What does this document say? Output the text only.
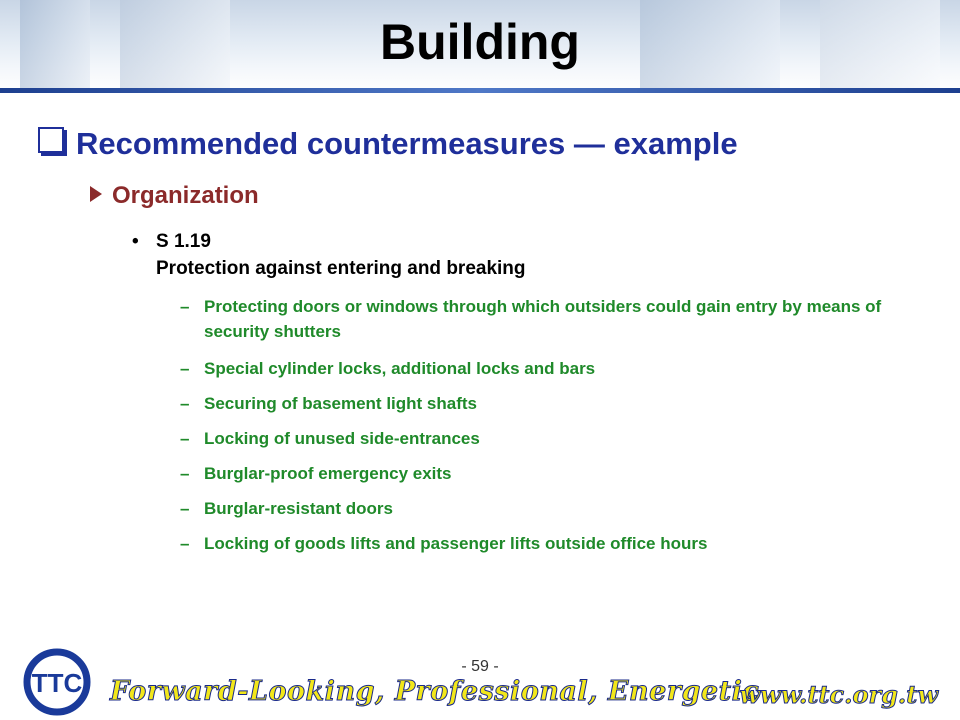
Building
Recommended countermeasures — example
Organization
• S 1.19
Protection against entering and breaking
– Protecting doors or windows through which outsiders could gain entry by means of security shutters
– Special cylinder locks, additional locks and bars
– Securing of basement light shafts
– Locking of unused side-entrances
– Burglar-proof emergency exits
– Burglar-resistant doors
– Locking of goods lifts and passenger lifts outside office hours
TTC
- 59 -
Forward-Looking, Professional, Energetic
www.ttc.org.tw
